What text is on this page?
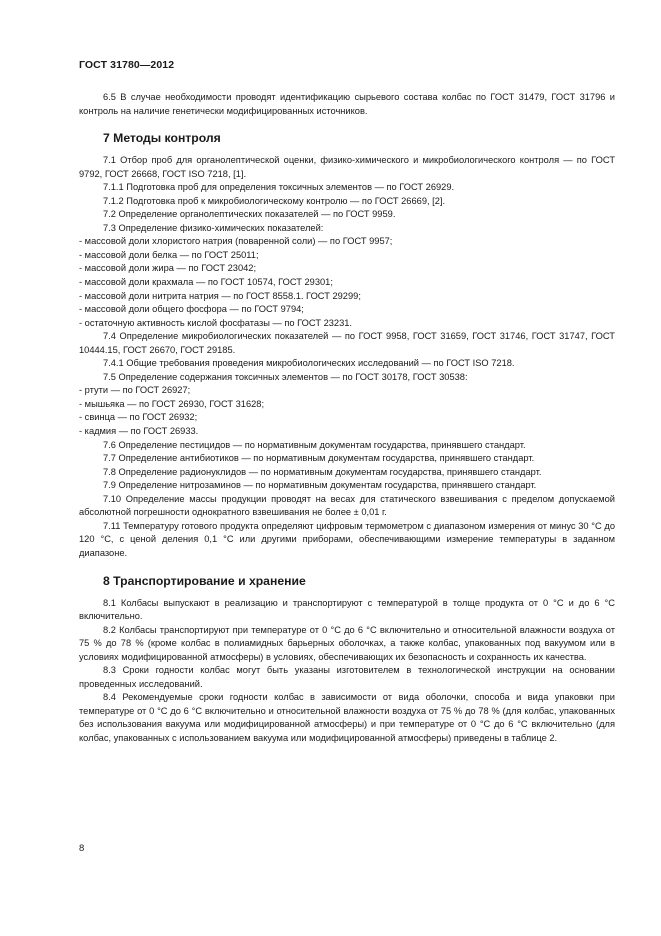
ГОСТ 31780—2012

6.5 В случае необходимости проводят идентификацию сырьевого состава колбас по ГОСТ 31479, ГОСТ 31796 и контроль на наличие генетически модифицированных источников.

7 Методы контроля

7.1 Отбор проб для органолептической оценки, физико-химического и микробиологического контроля — по ГОСТ 9792, ГОСТ 26668, ГОСТ ISO 7218, [1].

7.1.1 Подготовка проб для определения токсичных элементов — по ГОСТ 26929.

7.1.2 Подготовка проб к микробиологическому контролю — по ГОСТ 26669, [2].

7.2 Определение органолептических показателей — по ГОСТ 9959.

7.3 Определение физико-химических показателей:

- массовой доли хлористого натрия (поваренной соли) — по ГОСТ 9957;

- массовой доли белка — по ГОСТ 25011;

- массовой доли жира — по ГОСТ 23042;

- массовой доли крахмала — по ГОСТ 10574, ГОСТ 29301;

- массовой доли нитрита натрия — по ГОСТ 8558.1. ГОСТ 29299;

- массовой доли общего фосфора — по ГОСТ 9794;

- остаточную активность кислой фосфатазы — по ГОСТ 23231.

7.4 Определение микробиологических показателей — по ГОСТ 9958, ГОСТ 31659, ГОСТ 31746, ГОСТ 31747, ГОСТ 10444.15, ГОСТ 26670, ГОСТ 29185.

7.4.1 Общие требования проведения микробиологических исследований — по ГОСТ ISO 7218.

7.5 Определение содержания токсичных элементов — по ГОСТ 30178, ГОСТ 30538:

- ртути — по ГОСТ 26927;

- мышьяка — по ГОСТ 26930, ГОСТ 31628;

- свинца — по ГОСТ 26932;

- кадмия — по ГОСТ 26933.

7.6 Определение пестицидов — по нормативным документам государства, принявшего стандарт.

7.7 Определение антибиотиков — по нормативным документам государства, принявшего стандарт.

7.8 Определение радионуклидов — по нормативным документам государства, принявшего стандарт.

7.9 Определение нитрозаминов — по нормативным документам государства, принявшего стандарт.

7.10 Определение массы продукции проводят на весах для статического взвешивания с пределом допускаемой абсолютной погрешности однократного взвешивания не более ± 0,01 г.

7.11 Температуру готового продукта определяют цифровым термометром с диапазоном измерения от минус 30 °С до 120 °С, с ценой деления 0,1 °С или другими приборами, обеспечивающими измерение температуры в заданном диапазоне.

8 Транспортирование и хранение

8.1 Колбасы выпускают в реализацию и транспортируют с температурой в толще продукта от 0 °С и до 6 °С включительно.

8.2 Колбасы транспортируют при температуре от 0 °С до 6 °С включительно и относительной влажности воздуха от 75 % до 78 % (кроме колбас в полиамидных барьерных оболочках, а также колбас, упакованных под вакуумом или в условиях модифицированной атмосферы) в условиях, обеспечивающих их безопасность и сохранность их качества.

8.3 Сроки годности колбас могут быть указаны изготовителем в технологической инструкции на основании проведенных исследований.

8.4 Рекомендуемые сроки годности колбас в зависимости от вида оболочки, способа и вида упаковки при температуре от 0 °С до 6 °С включительно и относительной влажности воздуха от 75 % до 78 % (для колбас, упакованных без использования вакуума или модифицированной атмосферы) и при температуре от 0 °С до 6 °С включительно (для колбас, упакованных с использованием вакуума или модифицированной атмосферы) приведены в таблице 2.

8
